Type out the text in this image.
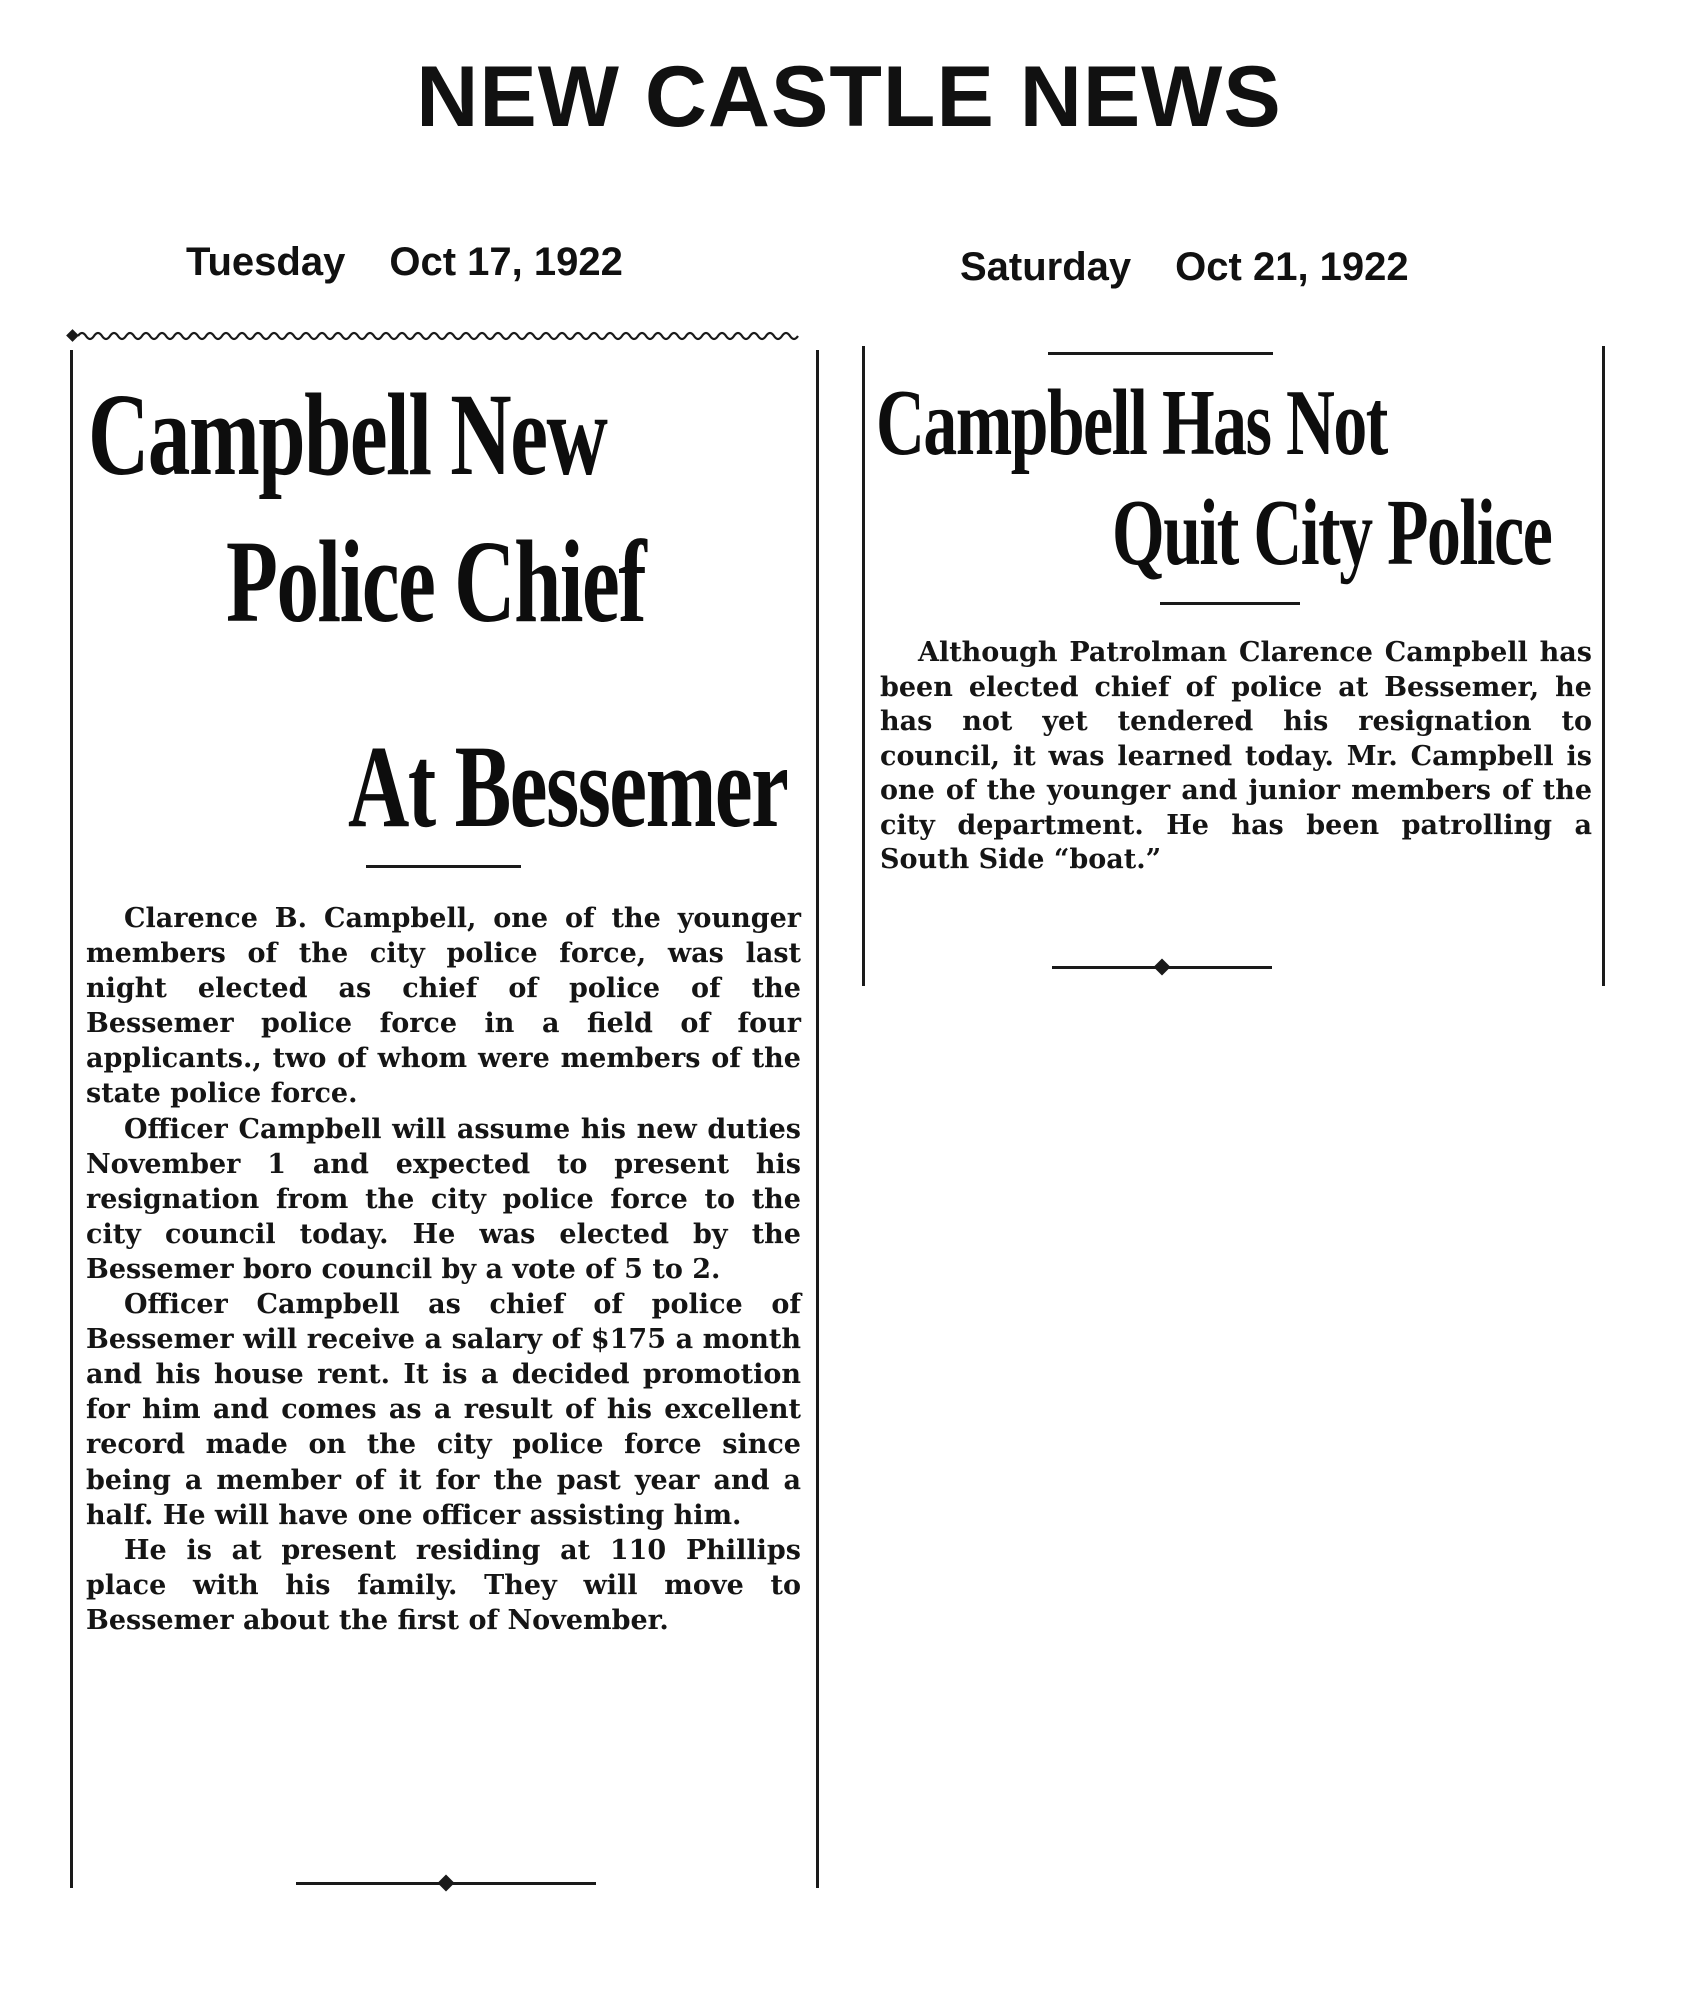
NEW CASTLE NEWS
Tuesday Oct 17, 1922	Saturday Oct 21, 1922
Campbell New
Police Chief
At Bessemer

Clarence B. Campbell, one of the younger members of the city police force, was last night elected as chief of police of the Bessemer police force in a field of four applicants., two of whom were members of the state police force.

Officer Campbell will assume his new duties November 1 and expected to present his resignation from the city police force to the city council today. He was elected by the Bessemer boro council by a vote of 5 to 2.

Officer Campbell as chief of police of Bessemer will receive a salary of $175 a month and his house rent. It is a decided promotion for him and comes as a result of his excellent record made on the city police force since being a member of it for the past year and a half. He will have one officer assisting him.

He is at present residing at 110 Phillips place with his family. They will move to Bessemer about the first of November.

Campbell Has Not
Quit City Police

Although Patrolman Clarence Campbell has been elected chief of police at Bessemer, he has not yet tendered his resignation to council, it was learned today. Mr. Campbell is one of the younger and junior members of the city department. He has been patrolling a South Side “boat.”
